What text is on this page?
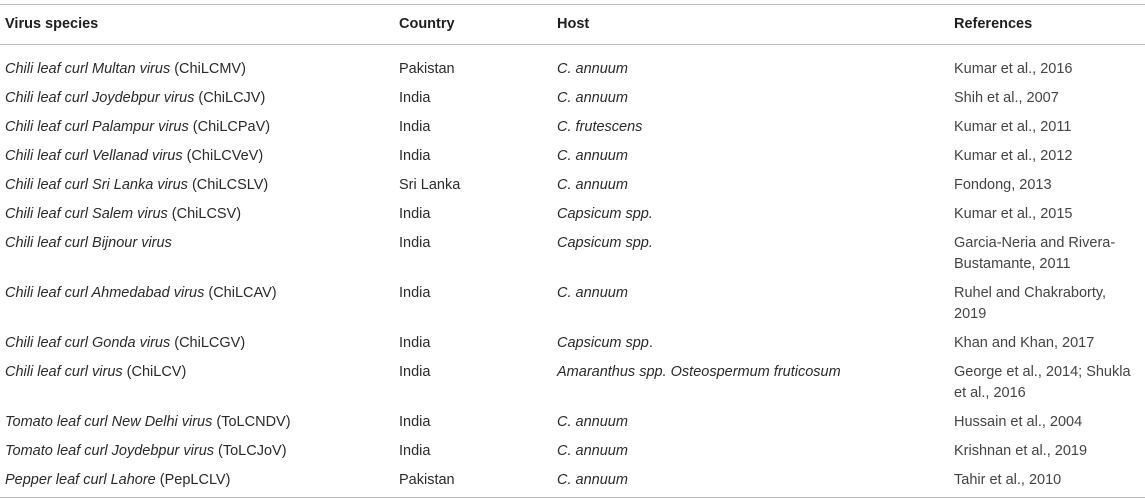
Virus species	Country	Host	References
Chili leaf curl Multan virus (ChiLCMV)	Pakistan	C. annuum	Kumar et al., 2016
Chili leaf curl Joydebpur virus (ChiLCJV)	India	C. annuum	Shih et al., 2007
Chili leaf curl Palampur virus (ChiLCPaV)	India	C. frutescens	Kumar et al., 2011
Chili leaf curl Vellanad virus (ChiLCVeV)	India	C. annuum	Kumar et al., 2012
Chili leaf curl Sri Lanka virus (ChiLCSLV)	Sri Lanka	C. annuum	Fondong, 2013
Chili leaf curl Salem virus (ChiLCSV)	India	Capsicum spp.	Kumar et al., 2015
Chili leaf curl Bijnour virus	India	Capsicum spp.	Garcia-Neria and Rivera-Bustamante, 2011
Chili leaf curl Ahmedabad virus (ChiLCAV)	India	C. annuum	Ruhel and Chakraborty, 2019
Chili leaf curl Gonda virus (ChiLCGV)	India	Capsicum spp.	Khan and Khan, 2017
Chili leaf curl virus (ChiLCV)	India	Amaranthus spp. Osteospermum fruticosum	George et al., 2014; Shukla et al., 2016
Tomato leaf curl New Delhi virus (ToLCNDV)	India	C. annuum	Hussain et al., 2004
Tomato leaf curl Joydebpur virus (ToLCJoV)	India	C. annuum	Krishnan et al., 2019
Pepper leaf curl Lahore (PepLCLV)	Pakistan	C. annuum	Tahir et al., 2010
